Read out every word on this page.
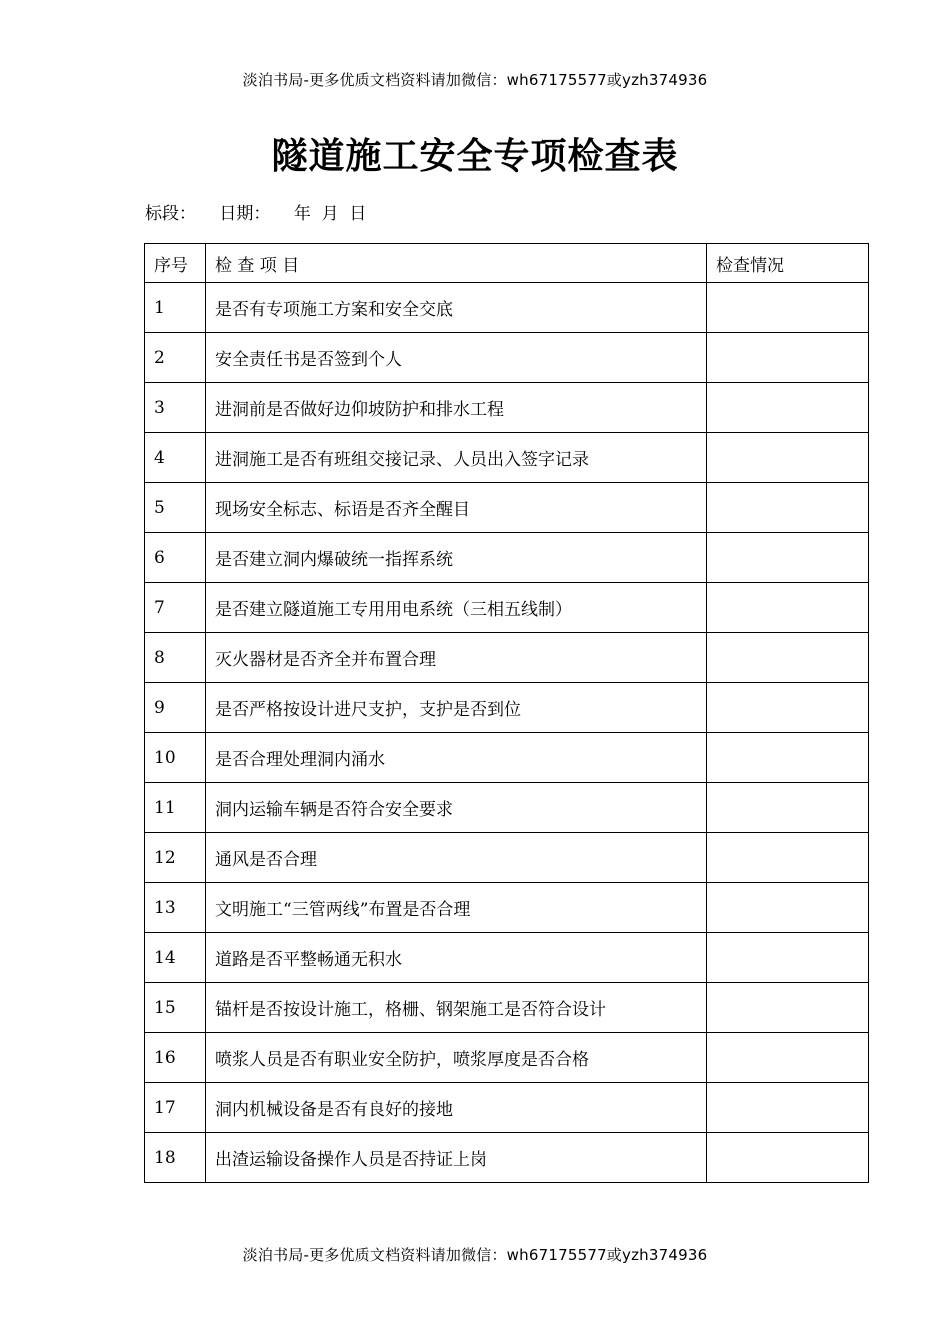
淡泊书局-更多优质文档资料请加微信：wh67175577或yzh374936
隧道施工安全专项检查表
标段： 日期： 年  月  日
序号	检 查 项 目	检查情况
1	是否有专项施工方案和安全交底	
2	安全责任书是否签到个人	
3	进洞前是否做好边仰坡防护和排水工程	
4	进洞施工是否有班组交接记录、人员出入签字记录	
5	现场安全标志、标语是否齐全醒目	
6	是否建立洞内爆破统一指挥系统	
7	是否建立隧道施工专用用电系统（三相五线制）	
8	灭火器材是否齐全并布置合理	
9	是否严格按设计进尺支护，支护是否到位	
10	是否合理处理洞内涌水	
11	洞内运输车辆是否符合安全要求	
12	通风是否合理	
13	文明施工“三管两线”布置是否合理	
14	道路是否平整畅通无积水	
15	锚杆是否按设计施工，格栅、钢架施工是否符合设计	
16	喷浆人员是否有职业安全防护，喷浆厚度是否合格	
17	洞内机械设备是否有良好的接地	
18	出渣运输设备操作人员是否持证上岗	
淡泊书局-更多优质文档资料请加微信：wh67175577或yzh374936
